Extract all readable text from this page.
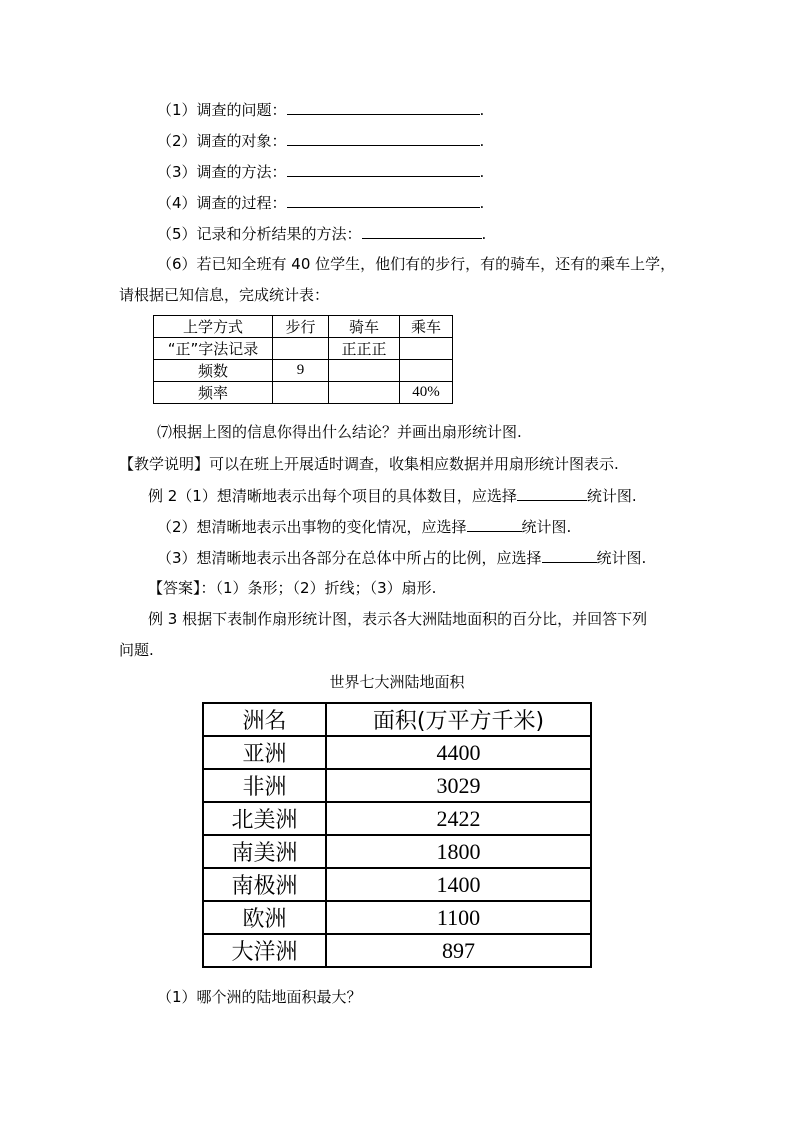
（1）调查的问题：	.
（2）调查的对象：	.
（3）调查的方法：	.
（4）调查的过程：	.
（5）记录和分析结果的方法：	.
（6）若已知全班有 40 位学生，他们有的步行，有的骑车，还有的乘车上学，
请根据已知信息，完成统计表：
上学方式	步行	骑车	乘车
“正”字法记录		正正正	
频数	9		
频率			40%
⑺根据上图的信息你得出什么结论？并画出扇形统计图.
【教学说明】可以在班上开展适时调查，收集相应数据并用扇形统计图表示.
例 2（1）想清晰地表示出每个项目的具体数目，应选择	统计图.
（2）想清晰地表示出事物的变化情况，应选择	统计图.
（3）想清晰地表示出各部分在总体中所占的比例，应选择	统计图.
【答案】：（1）条形；（2）折线；（3）扇形.
例 3 根据下表制作扇形统计图，表示各大洲陆地面积的百分比，并回答下列
问题.
世界七大洲陆地面积
洲名	面积(万平方千米)
亚洲	4400
非洲	3029
北美洲	2422
南美洲	1800
南极洲	1400
欧洲	1100
大洋洲	897
（1）哪个洲的陆地面积最大？
